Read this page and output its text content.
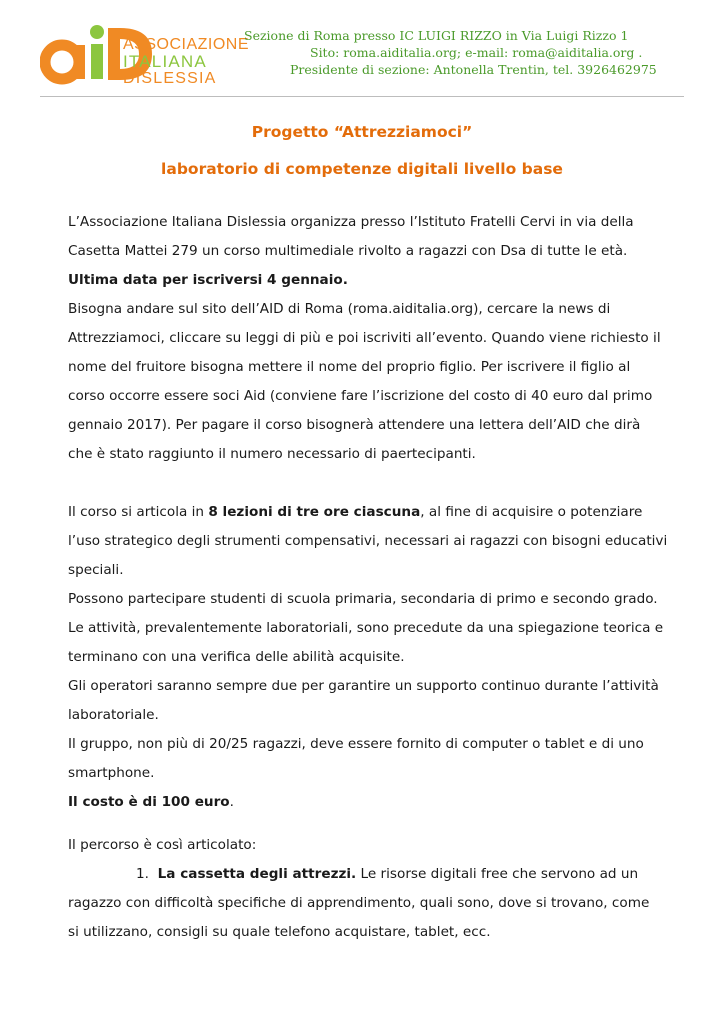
ASSOCIAZIONE
ITALIANA
DISLESSIA
Sezione di Roma presso IC LUIGI RIZZO in Via Luigi Rizzo 1
Sito: roma.aiditalia.org; e-mail: roma@aiditalia.org .
Presidente di sezione: Antonella Trentin, tel. 3926462975
Progetto “Attrezziamoci”
laboratorio di competenze digitali livello base

L’Associazione Italiana Dislessia organizza presso l’Istituto Fratelli Cervi in via della

Casetta Mattei 279 un corso multimediale rivolto a ragazzi con Dsa di tutte le età.

Ultima data per iscriversi 4 gennaio.

Bisogna andare sul sito dell’AID di Roma (roma.aiditalia.org), cercare la news di

Attrezziamoci, cliccare su leggi di più e poi iscriviti all’evento. Quando viene richiesto il

nome del fruitore bisogna mettere il nome del proprio figlio. Per iscrivere il figlio al

corso occorre essere soci Aid (conviene fare l’iscrizione del costo di 40 euro dal primo

gennaio 2017). Per pagare il corso bisognerà attendere una lettera dell’AID che dirà

che è stato raggiunto il numero necessario di paertecipanti.

Il corso si articola in 8 lezioni di tre ore ciascuna, al fine di acquisire o potenziare

l’uso strategico degli strumenti compensativi, necessari ai ragazzi con bisogni educativi

speciali.

Possono partecipare studenti di scuola primaria, secondaria di primo e secondo grado.

Le attività, prevalentemente laboratoriali, sono precedute da una spiegazione teorica e

terminano con una verifica delle abilità acquisite.

Gli operatori saranno sempre due per garantire un supporto continuo durante l’attività

laboratoriale.

Il gruppo, non più di 20/25 ragazzi, deve essere fornito di computer o tablet e di uno

smartphone.

Il costo è di 100 euro.

Il percorso è così articolato:

1. La cassetta degli attrezzi. Le risorse digitali free che servono ad un

ragazzo con difficoltà specifiche di apprendimento, quali sono, dove si trovano, come

si utilizzano, consigli su quale telefono acquistare, tablet, ecc.
